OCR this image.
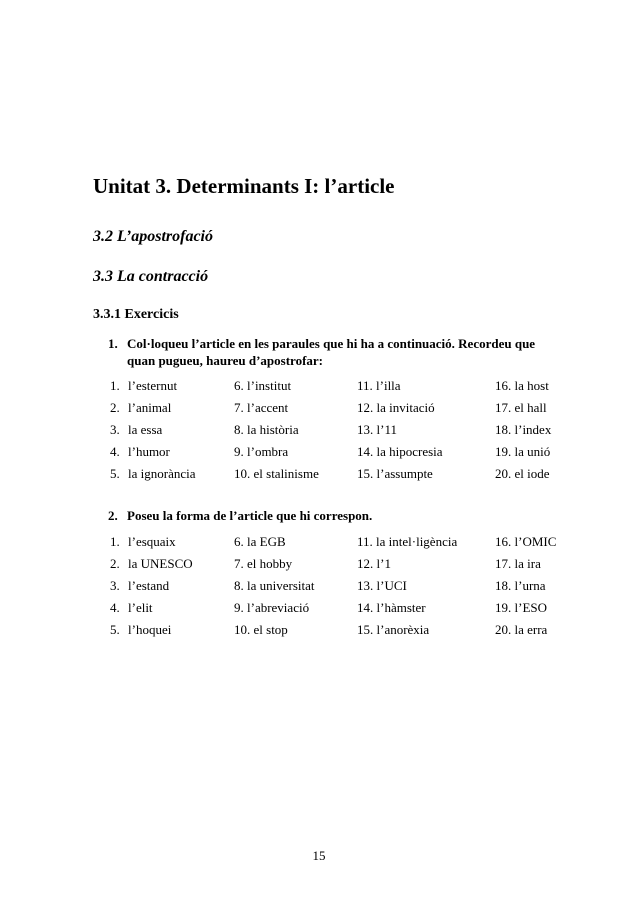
Unitat 3. Determinants I: l’article

3.2 L’apostrofació

3.3 La contracció

3.3.1 Exercicis

1. Col·loqueu l’article en les paraules que hi ha a continuació. Recordeu que quan pugueu, haureu d’apostrofar:
1. l’esternut	6. l’institut	11. l’illa	16. la host
2. l’animal	7. l’accent	12. la invitació	17. el hall
3. la essa	8. la història	13. l’11	18. l’index
4. l’humor	9. l’ombra	14. la hipocresia	19. la unió
5. la ignorància	10. el stalinisme	15. l’assumpte	20. el iode
2. Poseu la forma de l’article que hi correspon.
1. l’esquaix	6. la EGB	11. la intel·ligència	16. l’OMIC
2. la UNESCO	7. el hobby	12. l’1	17. la ira
3. l’estand	8. la universitat	13. l’UCI	18. l’urna
4. l’elit	9. l’abreviació	14. l’hàmster	19. l’ESO
5. l’hoquei	10. el stop	15. l’anorèxia	20. la erra
15
